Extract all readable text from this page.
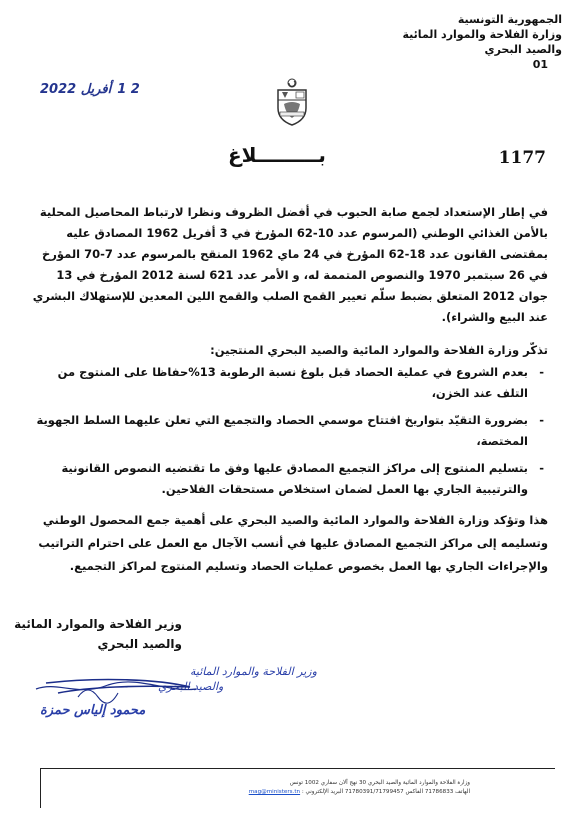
الجمهورية التونسية
وزارة الفلاحة والموارد المائية
والصيد البحري
01
أفريل 2022 1 2
1177
بـــــــــلاغ
في إطار الإستعداد لجمع صابة الحبوب في أفضل الظروف ونظرا لارتباط المحاصيل المحلية بالأمن الغذائي الوطني (المرسوم عدد 10-62 المؤرخ في 3 أفريل 1962 المصادق عليه بمقتضى القانون عدد 18-62 المؤرخ في 24 ماي 1962 المنقح بالمرسوم عدد 7-70 المؤرخ في 26 سبتمبر 1970 والنصوص المتممة له، و الأمر عدد 621 لسنة 2012 المؤرخ في 13 جوان 2012 المتعلق بضبط سلّم تعيير القمح الصلب والقمح اللين المعدين للإستهلاك البشري عند البيع والشراء).
تذكّر وزارة الفلاحة والموارد المائية والصيد البحري المنتجين:
- بعدم الشروع في عملية الحصاد قبل بلوغ نسبة الرطوبة 13%حفاظا على المنتوج من التلف عند الخزن،
- بضرورة التقيّد بتواريخ افتتاح موسمي الحصاد والتجميع التي تعلن عليهما السلط الجهوية المختصة،
- بتسليم المنتوج إلى مراكز التجميع المصادق عليها وفق ما تقتضيه النصوص القانونية والترتيبية الجاري بها العمل لضمان استخلاص مستحقات الفلاحين.
هذا وتؤكد وزارة الفلاحة والموارد المائية والصيد البحري على أهمية جمع المحصول الوطني وتسليمه إلى مراكز التجميع المصادق عليها في أنسب الآجال مع العمل على احترام التراتيب والإجراءات الجاري بها العمل بخصوص عمليات الحصاد وتسليم المنتوج لمراكز التجميع.
وزير الفلاحة والموارد المائية
والصيد البحري
وزير الفلاحة والموارد المائية
والصيد البحري
محمود إلياس حمزة
وزارة الفلاحة والموارد المائية والصيد البحري 30 نهج آلان سفاري 1002 تونس
الهاتف 71786833 الفاكس 71780391/71799457 البريد الإلكتروني : mag@ministers.tn
